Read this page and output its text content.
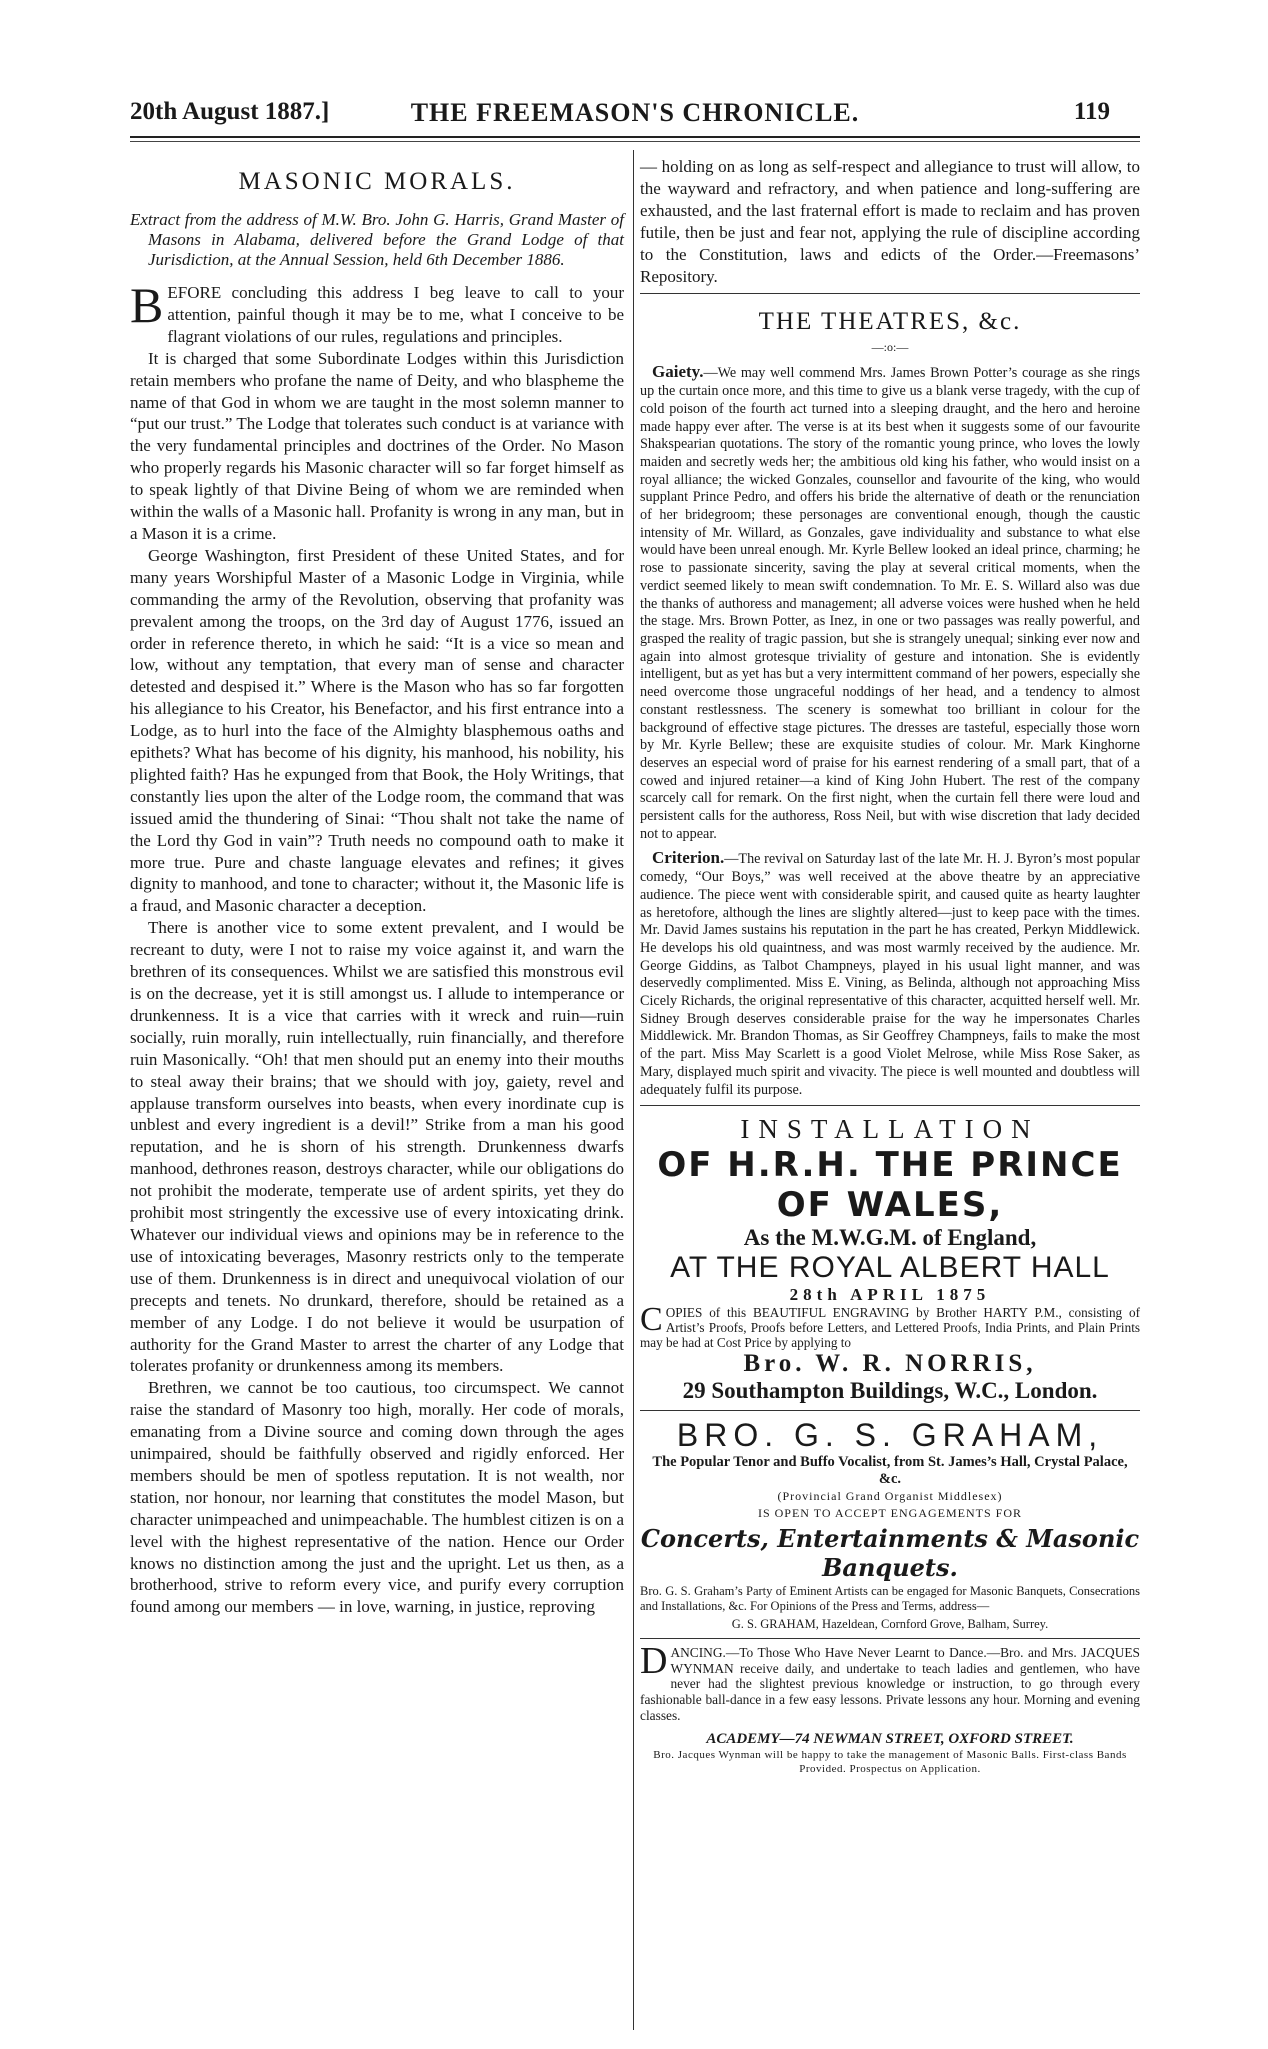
20th August 1887.]	THE FREEMASON'S CHRONICLE.	119
MASONIC MORALS.

Extract from the address of M.W. Bro. John G. Harris, Grand Master of Masons in Alabama, delivered before the Grand Lodge of that Jurisdiction, at the Annual Session, held 6th December 1886.

BEFORE concluding this address I beg leave to call to your attention, painful though it may be to me, what I conceive to be flagrant violations of our rules, regulations and principles.

It is charged that some Subordinate Lodges within this Jurisdiction retain members who profane the name of Deity, and who blaspheme the name of that God in whom we are taught in the most solemn manner to “put our trust.” The Lodge that tolerates such conduct is at variance with the very fundamental principles and doctrines of the Order. No Mason who properly regards his Masonic character will so far forget himself as to speak lightly of that Divine Being of whom we are reminded when within the walls of a Masonic hall. Profanity is wrong in any man, but in a Mason it is a crime.

George Washington, first President of these United States, and for many years Worshipful Master of a Masonic Lodge in Virginia, while commanding the army of the Revolution, observing that profanity was prevalent among the troops, on the 3rd day of August 1776, issued an order in reference thereto, in which he said: “It is a vice so mean and low, without any temptation, that every man of sense and character detested and despised it.” Where is the Mason who has so far forgotten his allegiance to his Creator, his Benefactor, and his first entrance into a Lodge, as to hurl into the face of the Almighty blasphemous oaths and epithets? What has become of his dignity, his manhood, his nobility, his plighted faith? Has he expunged from that Book, the Holy Writings, that constantly lies upon the alter of the Lodge room, the command that was issued amid the thundering of Sinai: “Thou shalt not take the name of the Lord thy God in vain”? Truth needs no compound oath to make it more true. Pure and chaste language elevates and refines; it gives dignity to manhood, and tone to character; without it, the Masonic life is a fraud, and Masonic character a deception.

There is another vice to some extent prevalent, and I would be recreant to duty, were I not to raise my voice against it, and warn the brethren of its consequences. Whilst we are satisfied this monstrous evil is on the decrease, yet it is still amongst us. I allude to intemperance or drunkenness. It is a vice that carries with it wreck and ruin—ruin socially, ruin morally, ruin intellectually, ruin financially, and therefore ruin Masonically. “Oh! that men should put an enemy into their mouths to steal away their brains; that we should with joy, gaiety, revel and applause transform ourselves into beasts, when every inordinate cup is unblest and every ingredient is a devil!” Strike from a man his good reputation, and he is shorn of his strength. Drunkenness dwarfs manhood, dethrones reason, destroys character, while our obligations do not prohibit the moderate, temperate use of ardent spirits, yet they do prohibit most stringently the excessive use of every intoxicating drink. Whatever our individual views and opinions may be in reference to the use of intoxicating beverages, Masonry restricts only to the temperate use of them. Drunkenness is in direct and unequivocal violation of our precepts and tenets. No drunkard, therefore, should be retained as a member of any Lodge. I do not believe it would be usurpation of authority for the Grand Master to arrest the charter of any Lodge that tolerates profanity or drunkenness among its members.

Brethren, we cannot be too cautious, too circumspect. We cannot raise the standard of Masonry too high, morally. Her code of morals, emanating from a Divine source and coming down through the ages unimpaired, should be faithfully observed and rigidly enforced. Her members should be men of spotless reputation. It is not wealth, nor station, nor honour, nor learning that constitutes the model Mason, but character unimpeached and unimpeachable. The humblest citizen is on a level with the highest representative of the nation. Hence our Order knows no distinction among the just and the upright. Let us then, as a brotherhood, strive to reform every vice, and purify every corruption found among our members — in love, warning, in justice, reproving

— holding on as long as self-respect and allegiance to trust will allow, to the wayward and refractory, and when patience and long-suffering are exhausted, and the last fraternal effort is made to reclaim and has proven futile, then be just and fear not, applying the rule of discipline according to the Constitution, laws and edicts of the Order.—Freemasons’ Repository.

THE THEATRES, &c.
—:o:—

Gaiety.—We may well commend Mrs. James Brown Potter’s courage as she rings up the curtain once more, and this time to give us a blank verse tragedy, with the cup of cold poison of the fourth act turned into a sleeping draught, and the hero and heroine made happy ever after. The verse is at its best when it suggests some of our favourite Shakspearian quotations. The story of the romantic young prince, who loves the lowly maiden and secretly weds her; the ambitious old king his father, who would insist on a royal alliance; the wicked Gonzales, counsellor and favourite of the king, who would supplant Prince Pedro, and offers his bride the alternative of death or the renunciation of her bridegroom; these personages are conventional enough, though the caustic intensity of Mr. Willard, as Gonzales, gave individuality and substance to what else would have been unreal enough. Mr. Kyrle Bellew looked an ideal prince, charming; he rose to passionate sincerity, saving the play at several critical moments, when the verdict seemed likely to mean swift condemnation. To Mr. E. S. Willard also was due the thanks of authoress and management; all adverse voices were hushed when he held the stage. Mrs. Brown Potter, as Inez, in one or two passages was really powerful, and grasped the reality of tragic passion, but she is strangely unequal; sinking ever now and again into almost grotesque triviality of gesture and intonation. She is evidently intelligent, but as yet has but a very intermittent command of her powers, especially she need overcome those ungraceful noddings of her head, and a tendency to almost constant restlessness. The scenery is somewhat too brilliant in colour for the background of effective stage pictures. The dresses are tasteful, especially those worn by Mr. Kyrle Bellew; these are exquisite studies of colour. Mr. Mark Kinghorne deserves an especial word of praise for his earnest rendering of a small part, that of a cowed and injured retainer—a kind of King John Hubert. The rest of the company scarcely call for remark. On the first night, when the curtain fell there were loud and persistent calls for the authoress, Ross Neil, but with wise discretion that lady decided not to appear.

Criterion.—The revival on Saturday last of the late Mr. H. J. Byron’s most popular comedy, “Our Boys,” was well received at the above theatre by an appreciative audience. The piece went with considerable spirit, and caused quite as hearty laughter as heretofore, although the lines are slightly altered—just to keep pace with the times. Mr. David James sustains his reputation in the part he has created, Perkyn Middlewick. He develops his old quaintness, and was most warmly received by the audience. Mr. George Giddins, as Talbot Champneys, played in his usual light manner, and was deservedly complimented. Miss E. Vining, as Belinda, although not approaching Miss Cicely Richards, the original representative of this character, acquitted herself well. Mr. Sidney Brough deserves considerable praise for the way he impersonates Charles Middlewick. Mr. Brandon Thomas, as Sir Geoffrey Champneys, fails to make the most of the part. Miss May Scarlett is a good Violet Melrose, while Miss Rose Saker, as Mary, displayed much spirit and vivacity. The piece is well mounted and doubtless will adequately fulfil its purpose.

INSTALLATION
OF H.R.H. THE PRINCE OF WALES,
As the M.W.G.M. of England,
AT THE ROYAL ALBERT HALL
28th APRIL 1875

COPIES of this BEAUTIFUL ENGRAVING by Brother HARTY P.M., consisting of Artist’s Proofs, Proofs before Letters, and Lettered Proofs, India Prints, and Plain Prints may be had at Cost Price by applying to

Bro. W. R. NORRIS,
29 Southampton Buildings, W.C., London.
BRO. G. S. GRAHAM,
The Popular Tenor and Buffo Vocalist, from St. James’s Hall, Crystal Palace, &c.
(Provincial Grand Organist Middlesex)
IS OPEN TO ACCEPT ENGAGEMENTS FOR
Concerts, Entertainments & Masonic Banquets.

Bro. G. S. Graham’s Party of Eminent Artists can be engaged for Masonic Banquets, Consecrations and Installations, &c. For Opinions of the Press and Terms, address—

G. S. GRAHAM, Hazeldean, Cornford Grove, Balham, Surrey.

DANCING.—To Those Who Have Never Learnt to Dance.—Bro. and Mrs. JACQUES WYNMAN receive daily, and undertake to teach ladies and gentlemen, who have never had the slightest previous knowledge or instruction, to go through every fashionable ball-dance in a few easy lessons. Private lessons any hour. Morning and evening classes.

ACADEMY—74 NEWMAN STREET, OXFORD STREET.
Bro. Jacques Wynman will be happy to take the management of Masonic Balls. First-class Bands Provided. Prospectus on Application.
